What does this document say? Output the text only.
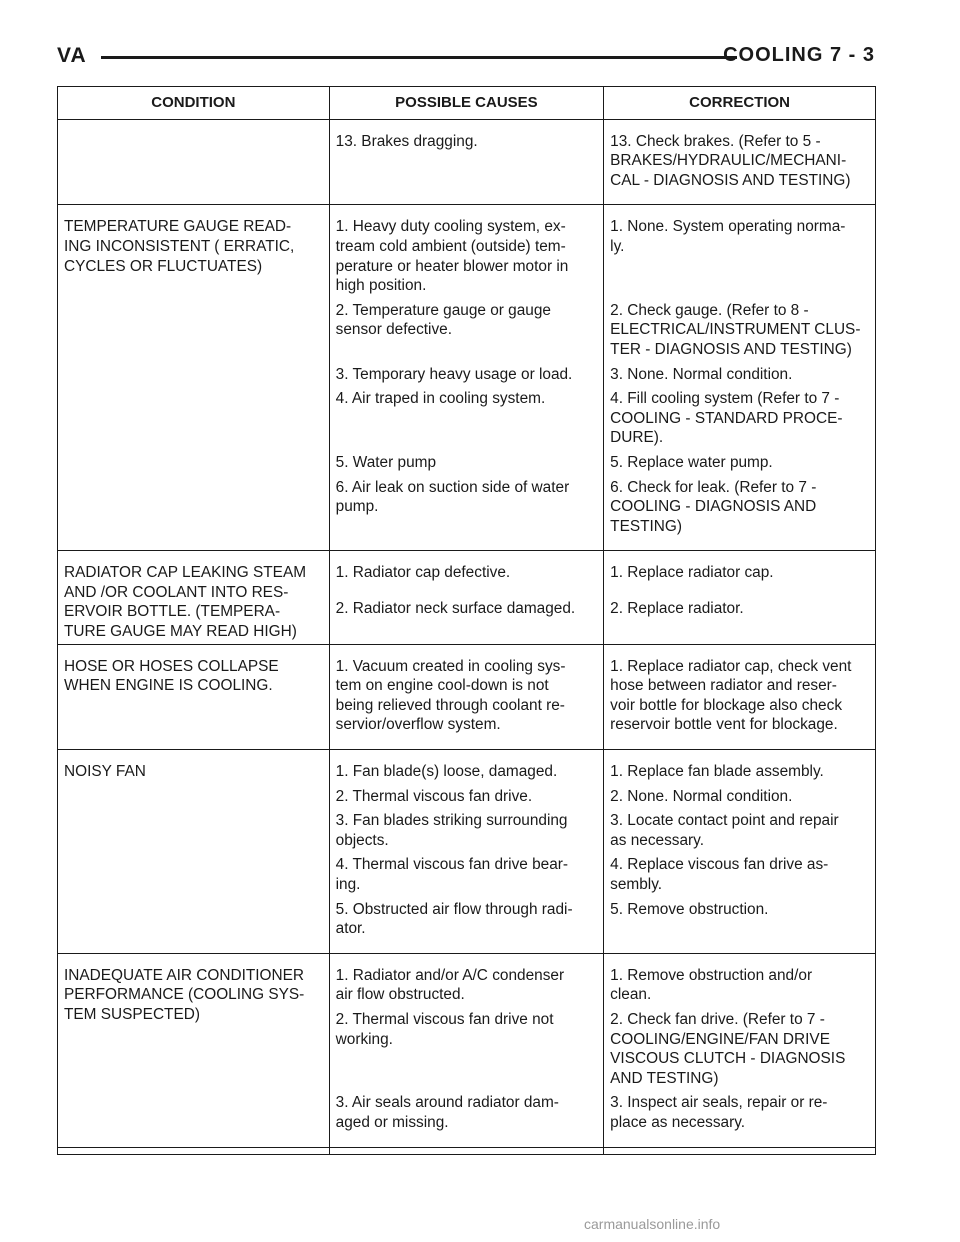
VA	COOLING 7 - 3
CONDITION	POSSIBLE CAUSES	CORRECTION

	13. Brakes dragging.	13. Check brakes. (Refer to 5 -
BRAKES/HYDRAULIC/MECHANI-
CAL - DIAGNOSIS AND TESTING)

TEMPERATURE GAUGE READ-
ING INCONSISTENT ( ERRATIC,
CYCLES OR FLUCTUATES)	1. Heavy duty cooling system, ex-
tream cold ambient (outside) tem-
perature or heater blower motor in
high position.	1. None. System operating norma-
ly.

	2. Temperature gauge or gauge
sensor defective.	2. Check gauge. (Refer to 8 -
ELECTRICAL/INSTRUMENT CLUS-
TER - DIAGNOSIS AND TESTING)

	3. Temporary heavy usage or load.	3. None. Normal condition.

	4. Air traped in cooling system.	4. Fill cooling system (Refer to 7 -
COOLING - STANDARD PROCE-
DURE).

	5. Water pump	5. Replace water pump.

	6. Air leak on suction side of water
pump.	6. Check for leak. (Refer to 7 -
COOLING - DIAGNOSIS AND
TESTING)

RADIATOR CAP LEAKING STEAM
AND /OR COOLANT INTO RES-
ERVOIR BOTTLE. (TEMPERA-
TURE GAUGE MAY READ HIGH)	1. Radiator cap defective.	1. Replace radiator cap.

	2. Radiator neck surface damaged.	2. Replace radiator.

HOSE OR HOSES COLLAPSE
WHEN ENGINE IS COOLING.	1. Vacuum created in cooling sys-
tem on engine cool-down is not
being relieved through coolant re-
servior/overflow system.	1. Replace radiator cap, check vent
hose between radiator and reser-
voir bottle for blockage also check
reservoir bottle vent for blockage.

NOISY FAN	1. Fan blade(s) loose, damaged.	1. Replace fan blade assembly.

	2. Thermal viscous fan drive.	2. None. Normal condition.

	3. Fan blades striking surrounding
objects.	3. Locate contact point and repair
as necessary.

	4. Thermal viscous fan drive bear-
ing.	4. Replace viscous fan drive as-
sembly.

	5. Obstructed air flow through radi-
ator.	5. Remove obstruction.

INADEQUATE AIR CONDITIONER
PERFORMANCE (COOLING SYS-
TEM SUSPECTED)	1. Radiator and/or A/C condenser
air flow obstructed.	1. Remove obstruction and/or
clean.

	2. Thermal viscous fan drive not
working.	2. Check fan drive. (Refer to 7 -
COOLING/ENGINE/FAN DRIVE
VISCOUS CLUTCH - DIAGNOSIS
AND TESTING)

	3. Air seals around radiator dam-
aged or missing.	3. Inspect air seals, repair or re-
place as necessary.

carmanualsonline.info
